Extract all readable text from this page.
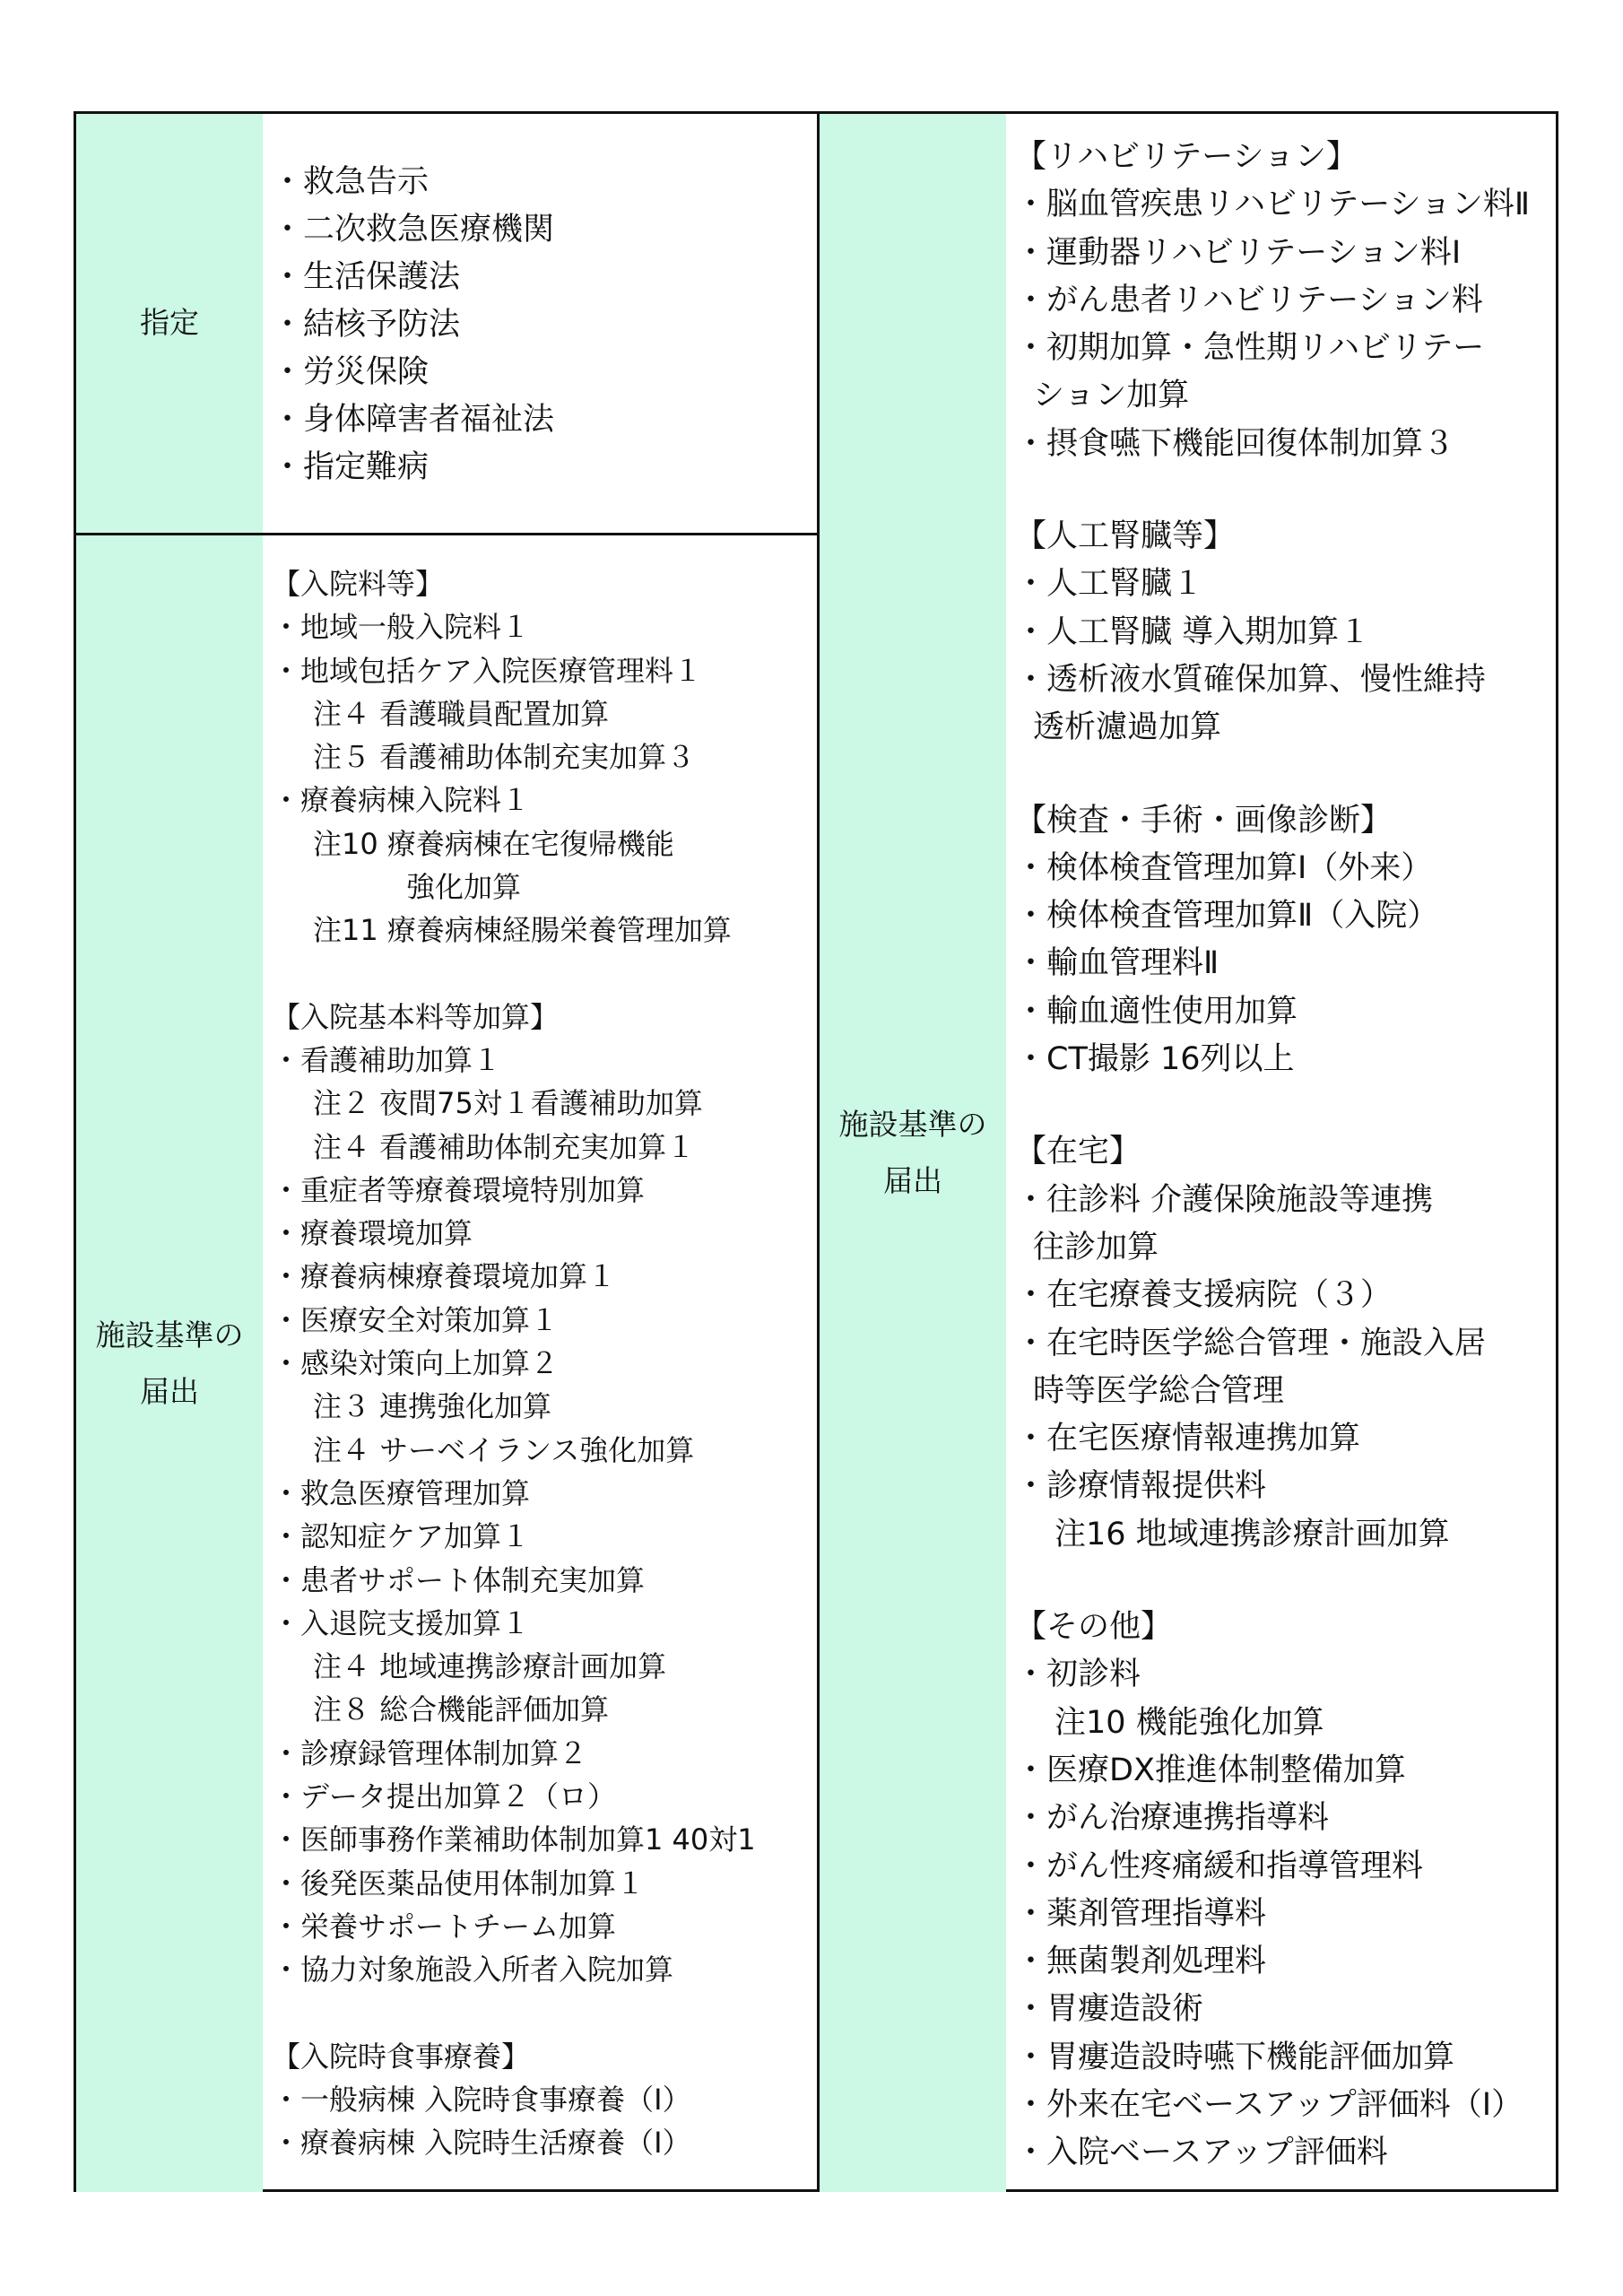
指定
・救急告示
・二次救急医療機関
・生活保護法
・結核予防法
・労災保険
・身体障害者福祉法
・指定難病
施設基準の
届出
【入院料等】
・地域一般入院料１
・地域包括ケア入院医療管理料１
注４ 看護職員配置加算
注５ 看護補助体制充実加算３
・療養病棟入院料１
注10 療養病棟在宅復帰機能
強化加算
注11 療養病棟経腸栄養管理加算
【入院基本料等加算】
・看護補助加算１
注２ 夜間75対１看護補助加算
注４ 看護補助体制充実加算１
・重症者等療養環境特別加算
・療養環境加算
・療養病棟療養環境加算１
・医療安全対策加算１
・感染対策向上加算２
注３ 連携強化加算
注４ サーベイランス強化加算
・救急医療管理加算
・認知症ケア加算１
・患者サポート体制充実加算
・入退院支援加算１
注４ 地域連携診療計画加算
注８ 総合機能評価加算
・診療録管理体制加算２
・データ提出加算２（ロ）
・医師事務作業補助体制加算1 40対1
・後発医薬品使用体制加算１
・栄養サポートチーム加算
・協力対象施設入所者入院加算
【入院時食事療養】
・一般病棟 入院時食事療養（Ⅰ）
・療養病棟 入院時生活療養（Ⅰ）
施設基準の
届出
【リハビリテーション】
・脳血管疾患リハビリテーション料Ⅱ
・運動器リハビリテーション料Ⅰ
・がん患者リハビリテーション料
・初期加算・急性期リハビリテー
ション加算
・摂食嚥下機能回復体制加算３
【人工腎臓等】
・人工腎臓１
・人工腎臓 導入期加算１
・透析液水質確保加算、慢性維持
透析濾過加算
【検査・手術・画像診断】
・検体検査管理加算Ⅰ（外来）
・検体検査管理加算Ⅱ（入院）
・輸血管理料Ⅱ
・輸血適性使用加算
・CT撮影 16列以上
【在宅】
・往診料 介護保険施設等連携
往診加算
・在宅療養支援病院（３）
・在宅時医学総合管理・施設入居
時等医学総合管理
・在宅医療情報連携加算
・診療情報提供料
注16 地域連携診療計画加算
【その他】
・初診料
注10 機能強化加算
・医療DX推進体制整備加算
・がん治療連携指導料
・がん性疼痛緩和指導管理料
・薬剤管理指導料
・無菌製剤処理料
・胃瘻造設術
・胃瘻造設時嚥下機能評価加算
・外来在宅ベースアップ評価料（Ⅰ）
・入院ベースアップ評価料
